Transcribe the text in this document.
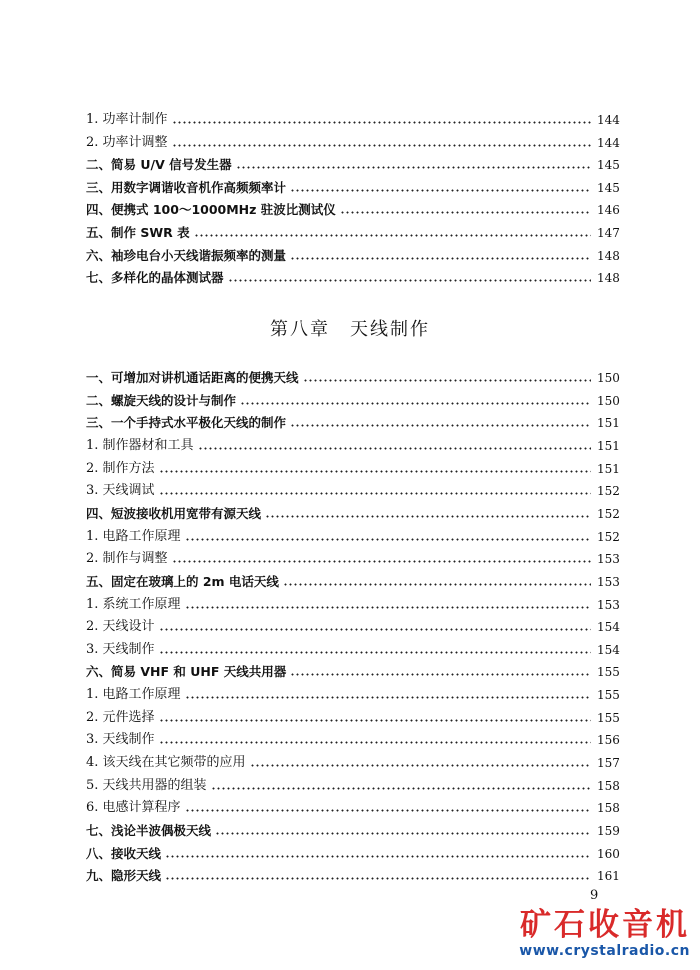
1. 功率计制作	144
2. 功率计调整	144
二、简易 U/V 信号发生器	145
三、用数字调谐收音机作高频频率计	145
四、便携式 100～1000MHz 驻波比测试仪	146
五、制作 SWR 表	147
六、袖珍电台小天线谐振频率的测量	148
七、多样化的晶体测试器	148
第八章　天线制作
一、可增加对讲机通话距离的便携天线	150
二、螺旋天线的设计与制作	150
三、一个手持式水平极化天线的制作	151
1. 制作器材和工具	151
2. 制作方法	151
3. 天线调试	152
四、短波接收机用宽带有源天线	152
1. 电路工作原理	152
2. 制作与调整	153
五、固定在玻璃上的 2m 电话天线	153
1. 系统工作原理	153
2. 天线设计	154
3. 天线制作	154
六、简易 VHF 和 UHF 天线共用器	155
1. 电路工作原理	155
2. 元件选择	155
3. 天线制作	156
4. 该天线在其它频带的应用	157
5. 天线共用器的组装	158
6. 电感计算程序	158
七、浅论半波偶极天线	159
八、接收天线	160
九、隐形天线	161
9
矿石收音机
www.crystalradio.cn
